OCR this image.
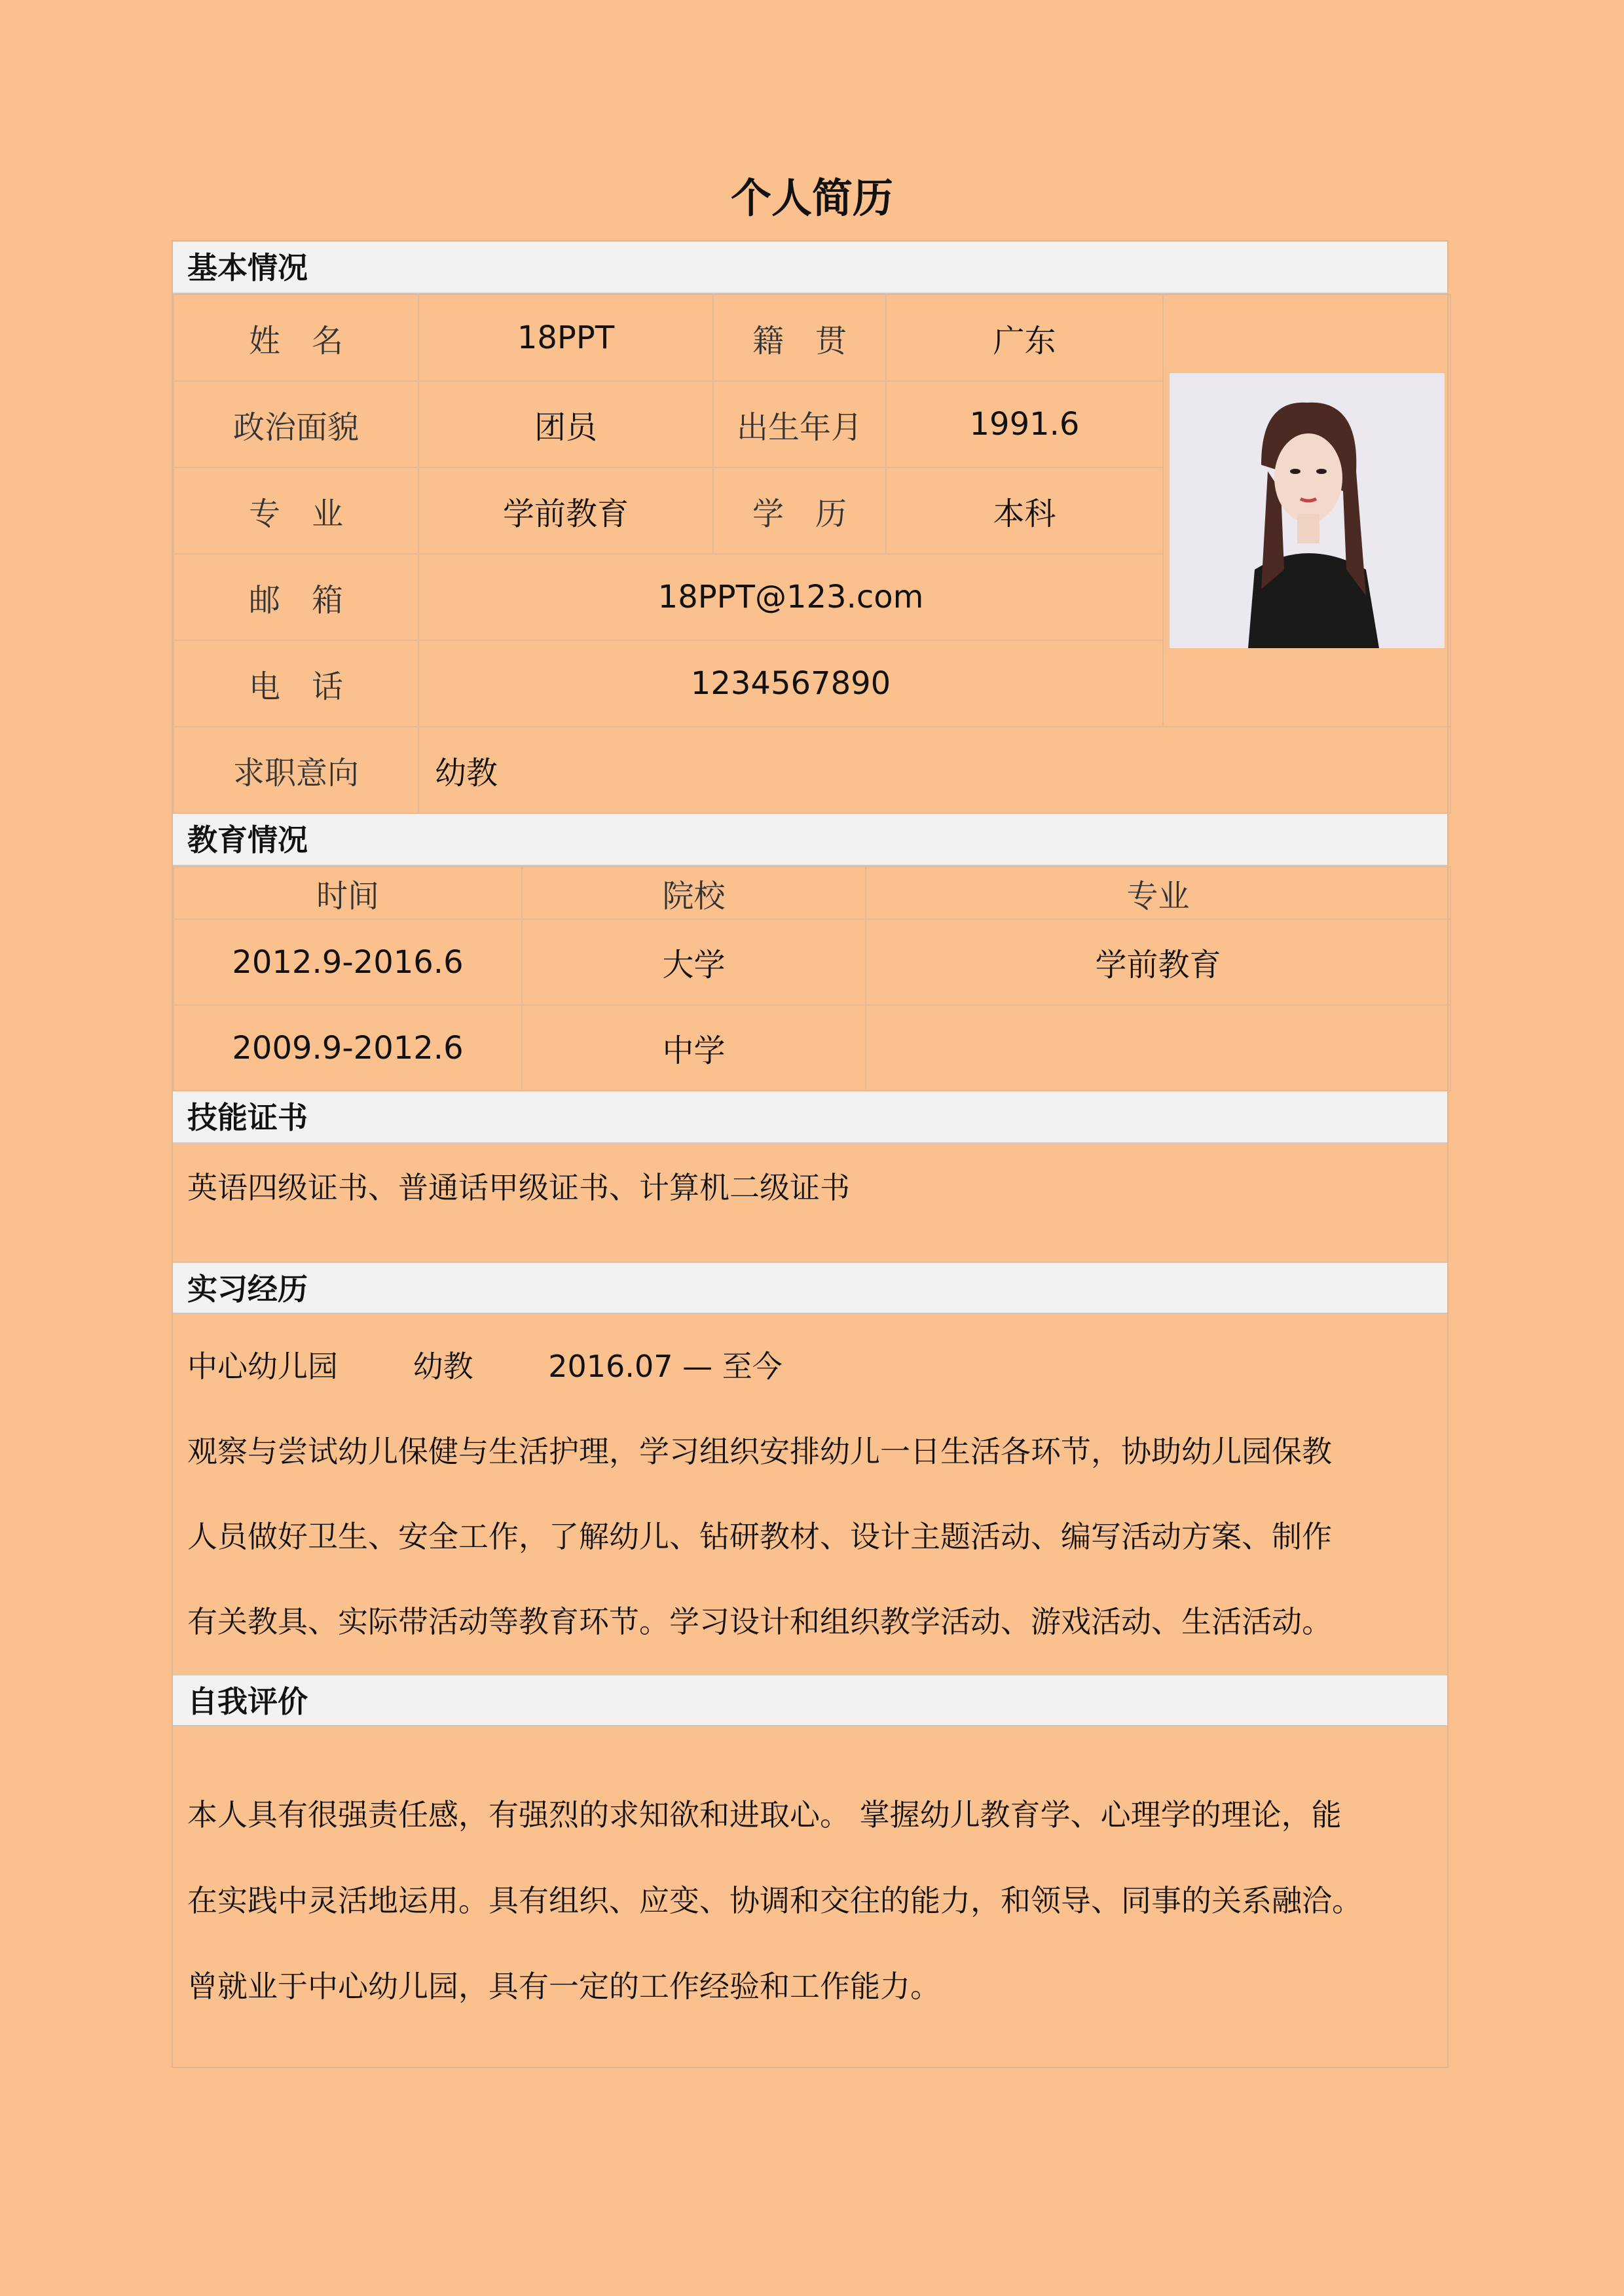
个人简历
基本情况
姓　名	18PPT	籍　贯	广东	

政治面貌	团员	出生年月	1991.6	
专　业	学前教育	学　历	本科	
邮　箱	18PPT@123.com			
电　话	1234567890			
求职意向	幼教			
教育情况
时间	院校	专业
2012.9-2016.6	大学	学前教育
2009.9-2012.6	中学	
技能证书
英语四级证书、普通话甲级证书、计算机二级证书
实习经历
中心幼儿园 幼教 2016.07 — 至今
观察与尝试幼儿保健与生活护理，学习组织安排幼儿一日生活各环节，协助幼儿园保教
人员做好卫生、安全工作，了解幼儿、钻研教材、设计主题活动、编写活动方案、制作
有关教具、实际带活动等教育环节。学习设计和组织教学活动、游戏活动、生活活动。
自我评价
本人具有很强责任感，有强烈的求知欲和进取心。 掌握幼儿教育学、心理学的理论，能
在实践中灵活地运用。具有组织、应变、协调和交往的能力，和领导、同事的关系融洽。
曾就业于中心幼儿园，具有一定的工作经验和工作能力。
